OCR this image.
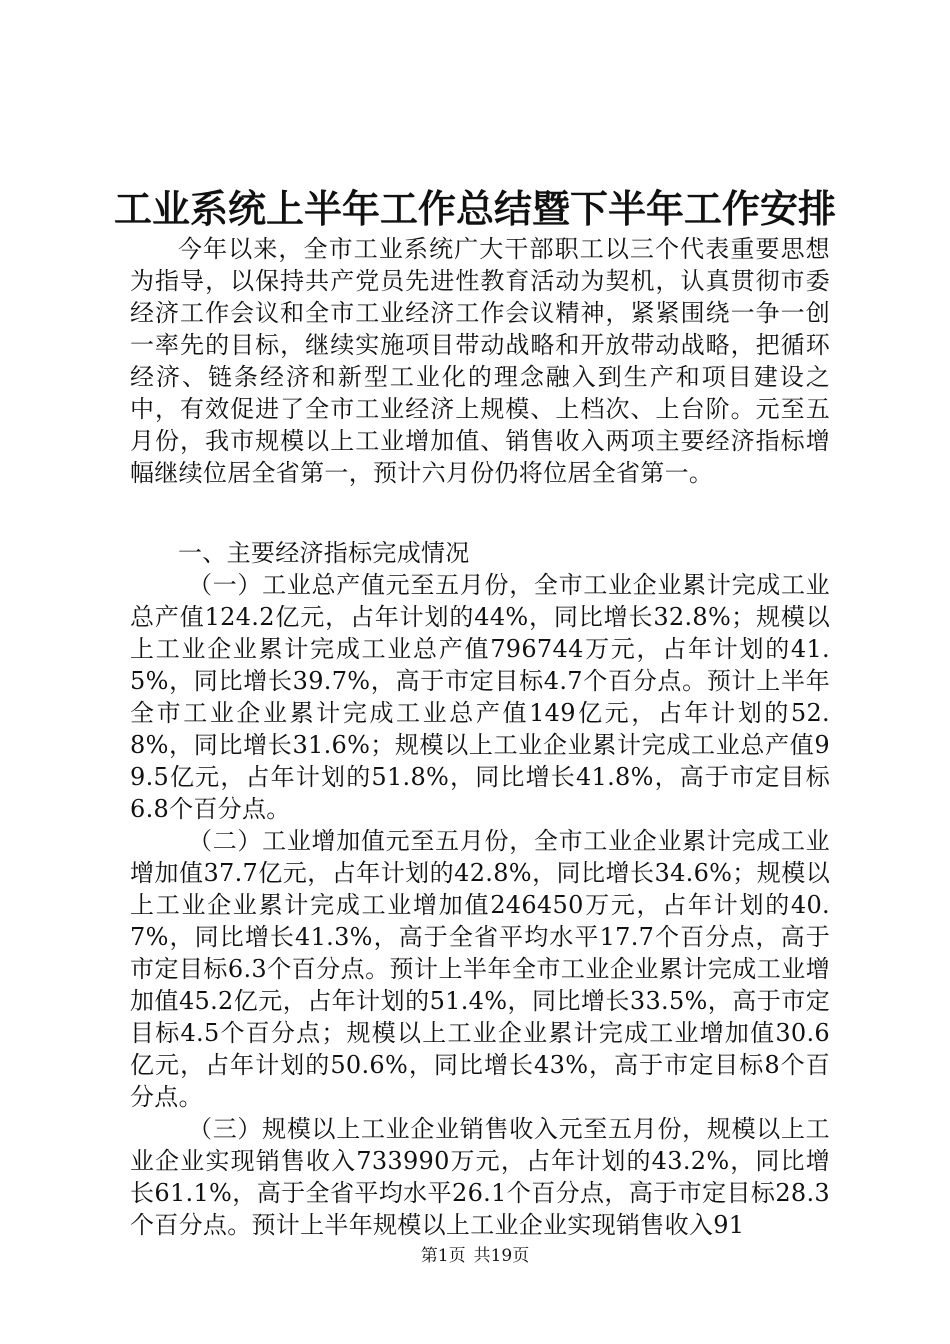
工业系统上半年工作总结暨下半年工作安排

今年以来，全市工业系统广大干部职工以三个代表重要思想为指导，以保持共产党员先进性教育活动为契机，认真贯彻市委经济工作会议和全市工业经济工作会议精神，紧紧围绕一争一创一率先的目标，继续实施项目带动战略和开放带动战略，把循环经济、链条经济和新型工业化的理念融入到生产和项目建设之中，有效促进了全市工业经济上规模、上档次、上台阶。元至五月份，我市规模以上工业增加值、销售收入两项主要经济指标增幅继续位居全省第一，预计六月份仍将位居全省第一。

一、主要经济指标完成情况

（一）工业总产值元至五月份，全市工业企业累计完成工业总产值124.2亿元，占年计划的44%，同比增长32.8%；规模以上工业企业累计完成工业总产值796744万元，占年计划的41.5%，同比增长39.7%，高于市定目标4.7个百分点。预计上半年全市工业企业累计完成工业总产值149亿元，占年计划的52.8%，同比增长31.6%；规模以上工业企业累计完成工业总产值99.5亿元，占年计划的51.8%，同比增长41.8%，高于市定目标6.8个百分点。

（二）工业增加值元至五月份，全市工业企业累计完成工业增加值37.7亿元，占年计划的42.8%，同比增长34.6%；规模以上工业企业累计完成工业增加值246450万元，占年计划的40.7%，同比增长41.3%，高于全省平均水平17.7个百分点，高于市定目标6.3个百分点。预计上半年全市工业企业累计完成工业增加值45.2亿元，占年计划的51.4%，同比增长33.5%，高于市定目标4.5个百分点；规模以上工业企业累计完成工业增加值30.6亿元，占年计划的50.6%，同比增长43%，高于市定目标8个百分点。

（三）规模以上工业企业销售收入元至五月份，规模以上工业企业实现销售收入733990万元，占年计划的43.2%，同比增长61.1%，高于全省平均水平26.1个百分点，高于市定目标28.3个百分点。预计上半年规模以上工业企业实现销售收入91

第1页 共19页
